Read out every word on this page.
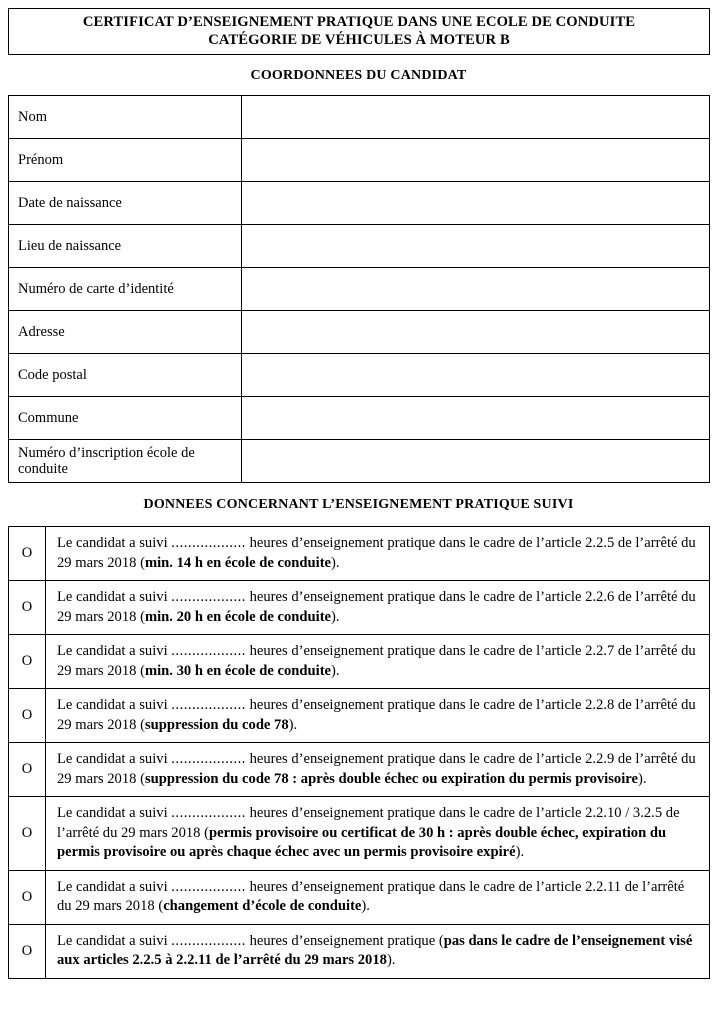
CERTIFICAT D’ENSEIGNEMENT PRATIQUE DANS UNE ECOLE DE CONDUITE
CATÉGORIE DE VÉHICULES À MOTEUR B
COORDONNEES DU CANDIDAT
Nom	
Prénom	
Date de naissance	
Lieu de naissance	
Numéro de carte d’identité	
Adresse	
Code postal	
Commune	
Numéro d’inscription école de conduite	
DONNEES CONCERNANT L’ENSEIGNEMENT PRATIQUE SUIVI
O	Le candidat a suivi .................. heures d’enseignement pratique dans le cadre de l’article 2.2.5 de l’arrêté du 29 mars 2018 (min. 14 h en école de conduite).
O	Le candidat a suivi .................. heures d’enseignement pratique dans le cadre de l’article 2.2.6 de l’arrêté du 29 mars 2018 (min. 20 h en école de conduite).
O	Le candidat a suivi .................. heures d’enseignement pratique dans le cadre de l’article 2.2.7 de l’arrêté du 29 mars 2018 (min. 30 h en école de conduite).
O	Le candidat a suivi .................. heures d’enseignement pratique dans le cadre de l’article 2.2.8 de l’arrêté du 29 mars 2018 (suppression du code 78).
O	Le candidat a suivi .................. heures d’enseignement pratique dans le cadre de l’article 2.2.9 de l’arrêté du 29 mars 2018 (suppression du code 78 : après double échec ou expiration du permis provisoire).
O	Le candidat a suivi .................. heures d’enseignement pratique dans le cadre de l’article 2.2.10 / 3.2.5 de l’arrêté du 29 mars 2018 (permis provisoire ou certificat de 30 h : après double échec, expiration du permis provisoire ou après chaque échec avec un permis provisoire expiré).
O	Le candidat a suivi .................. heures d’enseignement pratique dans le cadre de l’article 2.2.11 de l’arrêté du 29 mars 2018 (changement d’école de conduite).
O	Le candidat a suivi .................. heures d’enseignement pratique (pas dans le cadre de l’enseignement visé aux articles 2.2.5 à 2.2.11 de l’arrêté du 29 mars 2018).
